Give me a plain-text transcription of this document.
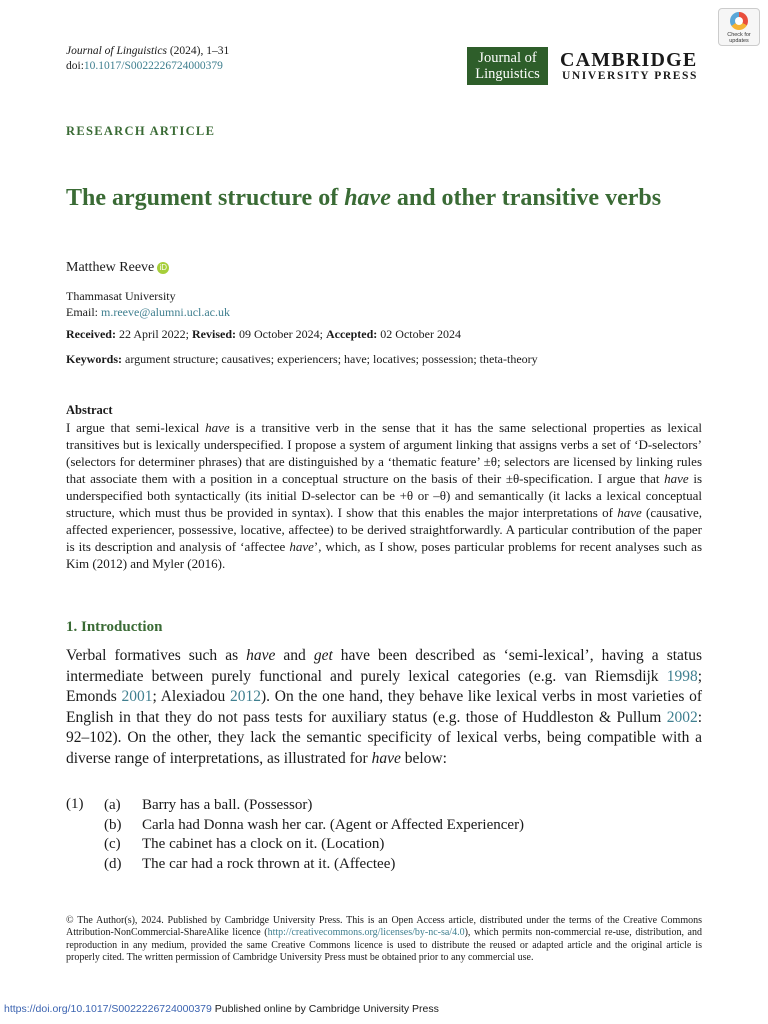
Journal of Linguistics (2024), 1–31
doi:10.1017/S0022226724000379	Journal of
Linguistics
CAMBRIDGE
UNIVERSITY PRESS
Check for
updates
RESEARCH ARTICLE
The argument structure of have and other transitive verbs
Matthew Reeve iD
Thammasat University
Email: m.reeve@alumni.ucl.ac.uk
Received: 22 April 2022; Revised: 09 October 2024; Accepted: 02 October 2024
Keywords: argument structure; causatives; experiencers; have; locatives; possession; theta-theory
Abstract
I argue that semi-lexical have is a transitive verb in the sense that it has the same selectional properties as lexical transitives but is lexically underspecified. I propose a system of argument linking that assigns verbs a set of ‘D-selectors’ (selectors for determiner phrases) that are distinguished by a ‘thematic feature’ ±θ; selectors are licensed by linking rules that associate them with a position in a conceptual structure on the basis of their ±θ-specification. I argue that have is underspecified both syntactically (its initial D-selector can be +θ or –θ) and semantically (it lacks a lexical conceptual structure, which must thus be provided in syntax). I show that this enables the major interpretations of have (causative, affected experiencer, possessive, locative, affectee) to be derived straightforwardly. A particular contribution of the paper is its description and analysis of ‘affectee have’, which, as I show, poses particular problems for recent analyses such as Kim (2012) and Myler (2016).
1. Introduction
Verbal formatives such as have and get have been described as ‘semi-lexical’, having a status intermediate between purely functional and purely lexical categories (e.g. van Riemsdijk 1998; Emonds 2001; Alexiadou 2012). On the one hand, they behave like lexical verbs in most varieties of English in that they do not pass tests for auxiliary status (e.g. those of Huddleston & Pullum 2002: 92–102). On the other, they lack the semantic specificity of lexical verbs, being compatible with a diverse range of interpretations, as illustrated for have below:
(1) (a)	Barry has a ball. (Possessor)
(b)	Carla had Donna wash her car. (Agent or Affected Experiencer)
(c)	The cabinet has a clock on it. (Location)
(d)	The car had a rock thrown at it. (Affectee)
© The Author(s), 2024. Published by Cambridge University Press. This is an Open Access article, distributed under the terms of the Creative Commons Attribution-NonCommercial-ShareAlike licence (http://creativecommons.org/licenses/by-nc-sa/4.0), which permits non-commercial re-use, distribution, and reproduction in any medium, provided the same Creative Commons licence is used to distribute the reused or adapted article and the original article is properly cited. The written permission of Cambridge University Press must be obtained prior to any commercial use.
https://doi.org/10.1017/S0022226724000379 Published online by Cambridge University Press
